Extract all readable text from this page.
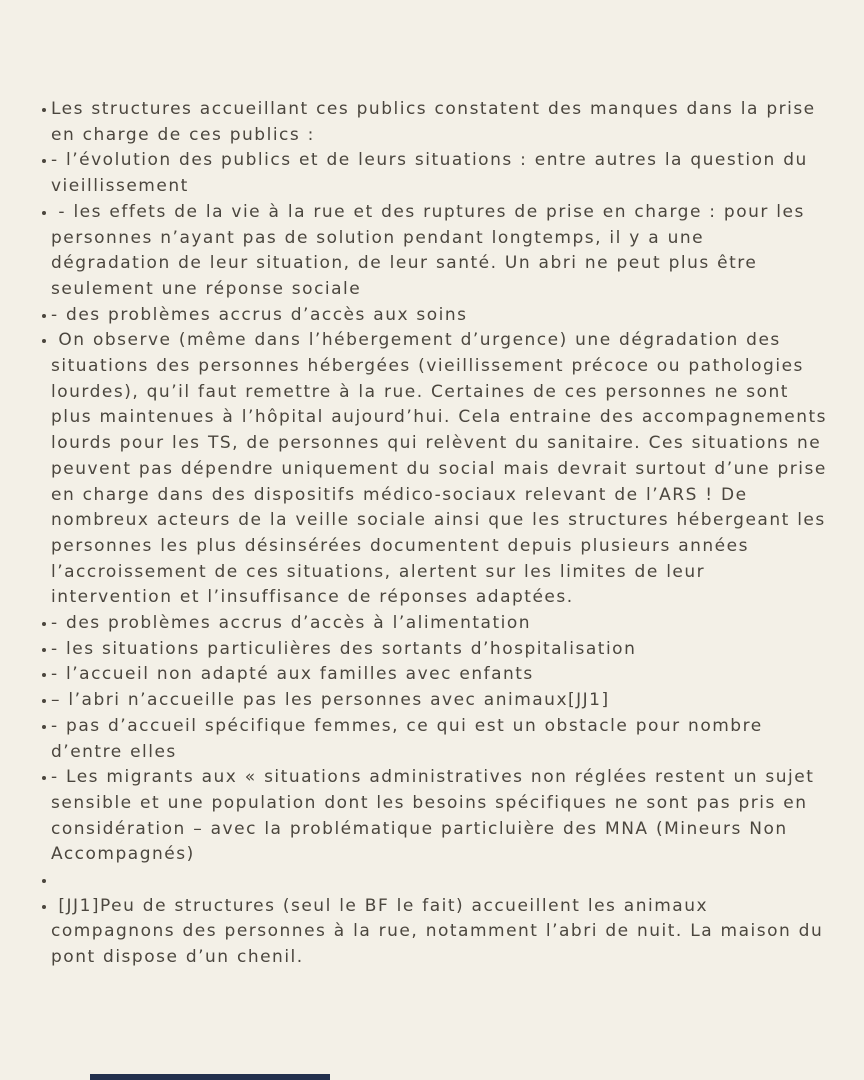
Les structures accueillant ces publics constatent des manques dans la prise en charge de ces publics :
- l’évolution des publics et de leurs situations : entre autres la question du vieillissement
- les effets de la vie à la rue et des ruptures de prise en charge : pour les personnes n’ayant pas de solution pendant longtemps, il y a une dégradation de leur situation, de leur santé. Un abri ne peut plus être seulement une réponse sociale
- des problèmes accrus d’accès aux soins
On observe (même dans l’hébergement d’urgence) une dégradation des situations des personnes hébergées (vieillissement précoce ou pathologies lourdes), qu’il faut remettre à la rue. Certaines de ces personnes ne sont plus maintenues à l’hôpital aujourd’hui. Cela entraine des accompagnements lourds pour les TS, de personnes qui relèvent du sanitaire. Ces situations ne peuvent pas dépendre uniquement du social mais devrait surtout d’une prise en charge dans des dispositifs médico-sociaux relevant de l’ARS ! De nombreux acteurs de la veille sociale ainsi que les structures hébergeant les personnes les plus désinsérées documentent depuis plusieurs années l’accroissement de ces situations, alertent sur les limites de leur intervention et l’insuffisance de réponses adaptées.
- des problèmes accrus d’accès à l’alimentation
- les situations particulières des sortants d’hospitalisation
- l’accueil non adapté aux familles avec enfants
– l’abri n’accueille pas les personnes avec animaux[JJ1]
- pas d’accueil spécifique femmes, ce qui est un obstacle pour nombre d’entre elles
- Les migrants aux « situations administratives non réglées restent un sujet sensible et une population dont les besoins spécifiques ne sont pas pris en considération – avec la problématique particluière des MNA (Mineurs Non Accompagnés)
[JJ1]Peu de structures (seul le BF le fait) accueillent les animaux compagnons des personnes à la rue, notamment l’abri de nuit. La maison du pont dispose d’un chenil.
